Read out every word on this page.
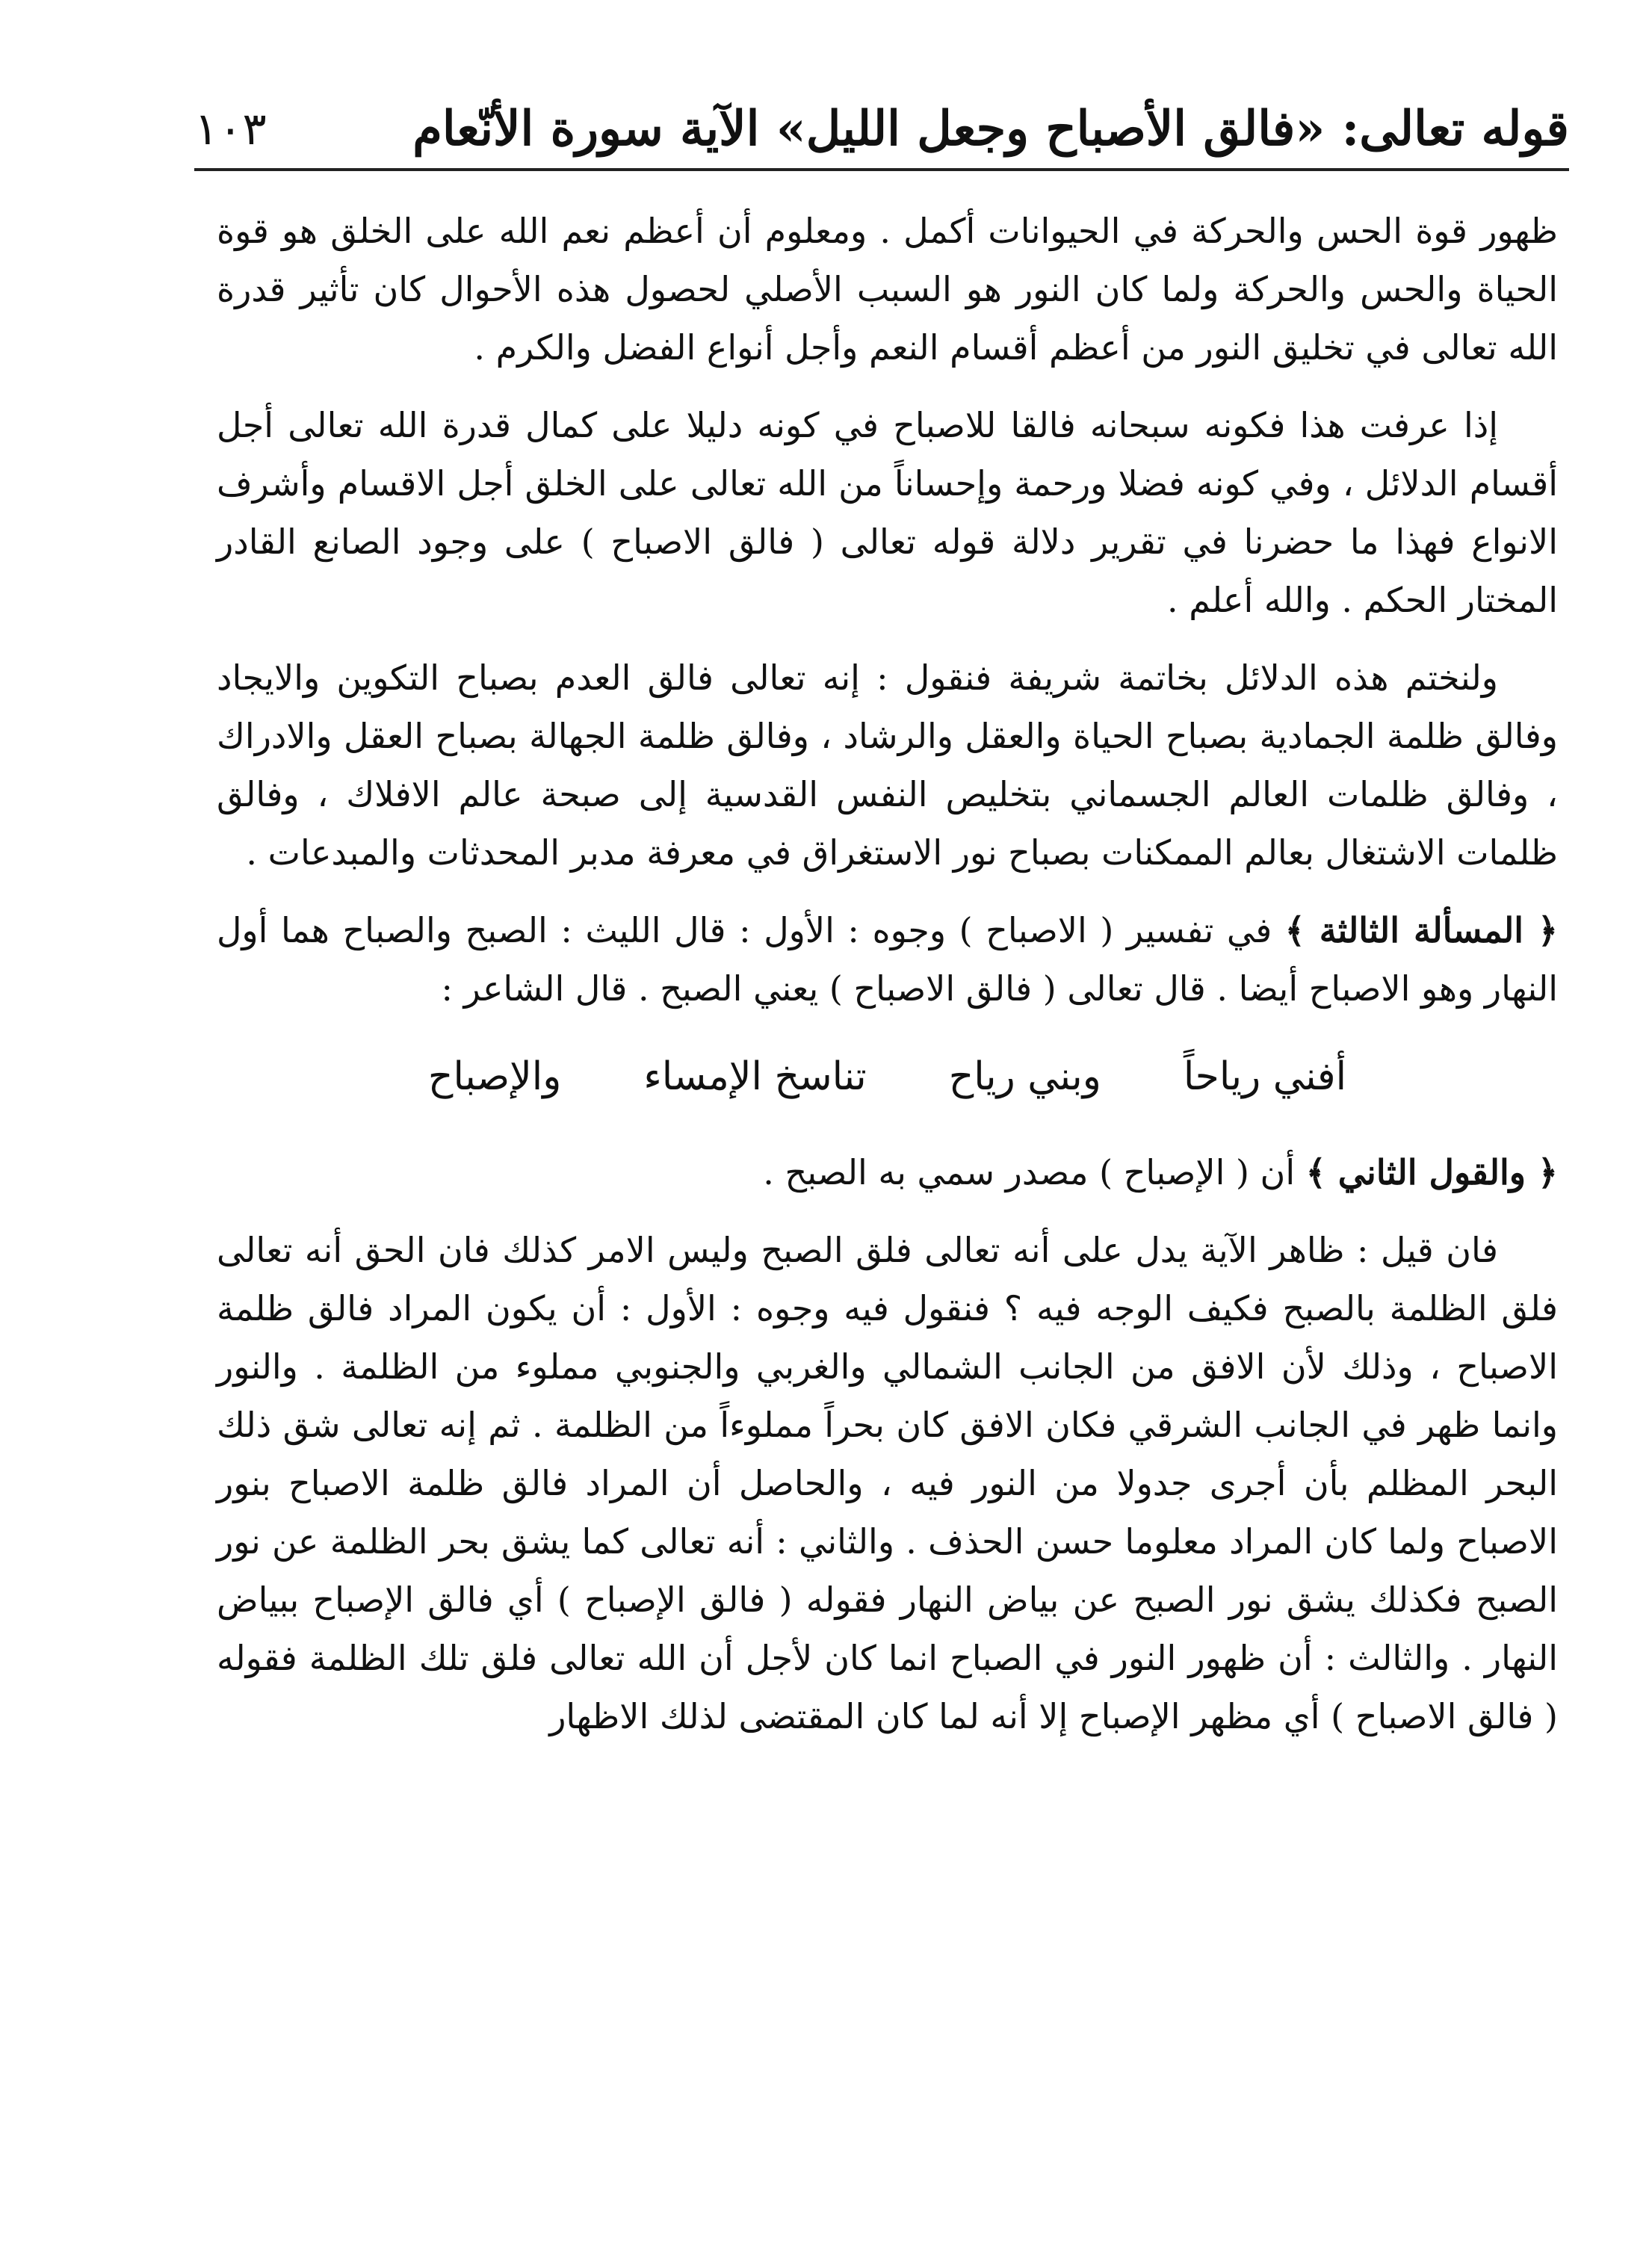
قوله تعالى: «فالق الأصباح وجعل الليل» الآية سورة الأنّعام
١٠٣

ظهور قوة الحس والحركة في الحيوانات أكمل . ومعلوم أن أعظم نعم الله على الخلق هو قوة الحياة والحس والحركة ولما كان النور هو السبب الأصلي لحصول هذه الأحوال كان تأثير قدرة الله تعالى في تخليق النور من أعظم أقسام النعم وأجل أنواع الفضل والكرم .

إذا عرفت هذا فكونه سبحانه فالقا للاصباح في كونه دليلا على كمال قدرة الله تعالى أجل أقسام الدلائل ، وفي كونه فضلا ورحمة وإحساناً من الله تعالى على الخلق أجل الاقسام وأشرف الانواع فهذا ما حضرنا في تقرير دلالة قوله تعالى ( فالق الاصباح ) على وجود الصانع القادر المختار الحكم . والله أعلم .

ولنختم هذه الدلائل بخاتمة شريفة فنقول : إنه تعالى فالق العدم بصباح التكوين والايجاد وفالق ظلمة الجمادية بصباح الحياة والعقل والرشاد ، وفالق ظلمة الجهالة بصباح العقل والادراك ، وفالق ظلمات العالم الجسماني بتخليص النفس القدسية إلى صبحة عالم الافلاك ، وفالق ظلمات الاشتغال بعالم الممكنات بصباح نور الاستغراق في معرفة مدبر المحدثات والمبدعات .

﴿ المسألة الثالثة ﴾ في تفسير ( الاصباح ) وجوه : الأول : قال الليث : الصبح والصباح هما أول النهار وهو الاصباح أيضا . قال تعالى ( فالق الاصباح ) يعني الصبح . قال الشاعر :

أفني رياحاً
وبني رياح
تناسخ الإمساء
والإصباح

﴿ والقول الثاني ﴾ أن ( الإصباح ) مصدر سمي به الصبح .

فان قيل : ظاهر الآية يدل على أنه تعالى فلق الصبح وليس الامر كذلك فان الحق أنه تعالى فلق الظلمة بالصبح فكيف الوجه فيه ؟ فنقول فيه وجوه : الأول : أن يكون المراد فالق ظلمة الاصباح ، وذلك لأن الافق من الجانب الشمالي والغربي والجنوبي مملوء من الظلمة . والنور وانما ظهر في الجانب الشرقي فكان الافق كان بحراً مملوءاً من الظلمة . ثم إنه تعالى شق ذلك البحر المظلم بأن أجرى جدولا من النور فيه ، والحاصل أن المراد فالق ظلمة الاصباح بنور الاصباح ولما كان المراد معلوما حسن الحذف . والثاني : أنه تعالى كما يشق بحر الظلمة عن نور الصبح فكذلك يشق نور الصبح عن بياض النهار فقوله ( فالق الإصباح ) أي فالق الإصباح ببياض النهار . والثالث : أن ظهور النور في الصباح انما كان لأجل أن الله تعالى فلق تلك الظلمة فقوله ( فالق الاصباح ) أي مظهر الإصباح إلا أنه لما كان المقتضى لذلك الاظهار
